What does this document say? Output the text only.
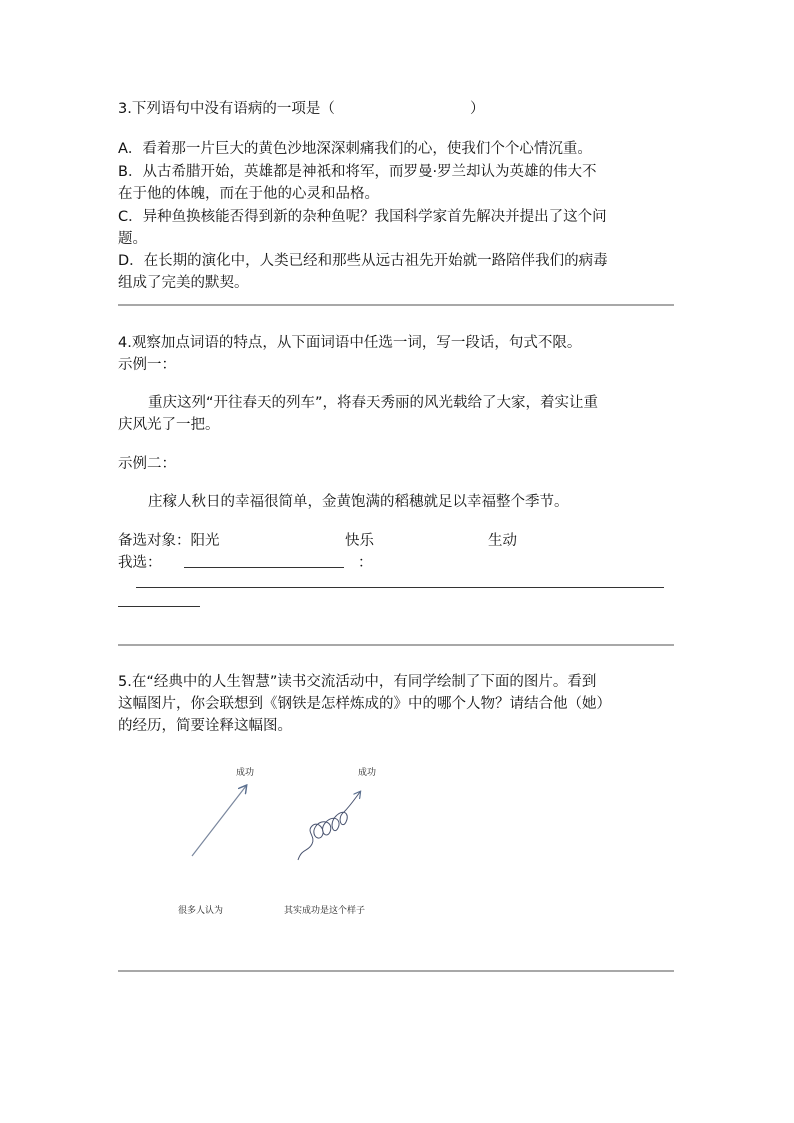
3.下列语句中没有语病的一项是（	）
A．看着那一片巨大的黄色沙地深深刺痛我们的心，使我们个个心情沉重。
B．从古希腊开始，英雄都是神祇和将军，而罗曼·罗兰却认为英雄的伟大不
在于他的体魄，而在于他的心灵和品格。
C．异种鱼换核能否得到新的杂种鱼呢？我国科学家首先解决并提出了这个问
题。
D．在长期的演化中，人类已经和那些从远古祖先开始就一路陪伴我们的病毒
组成了完美的默契。
4.观察加点词语的特点，从下面词语中任选一词，写一段话，句式不限。
示例一：
重庆这列“开往春天的列车”，将春天秀丽的风光载给了大家，着实让重
庆风光了一把。
示例二：
庄稼人秋日的幸福很简单，金黄饱满的稻穗就足以幸福整个季节。
备选对象：阳光	快乐	生动
我选：	：
5.在“经典中的人生智慧”读书交流活动中，有同学绘制了下面的图片。看到
这幅图片，你会联想到《钢铁是怎样炼成的》中的哪个人物？请结合他（她）
的经历，简要诠释这幅图。
成功	成功
很多人认为	其实成功是这个样子
